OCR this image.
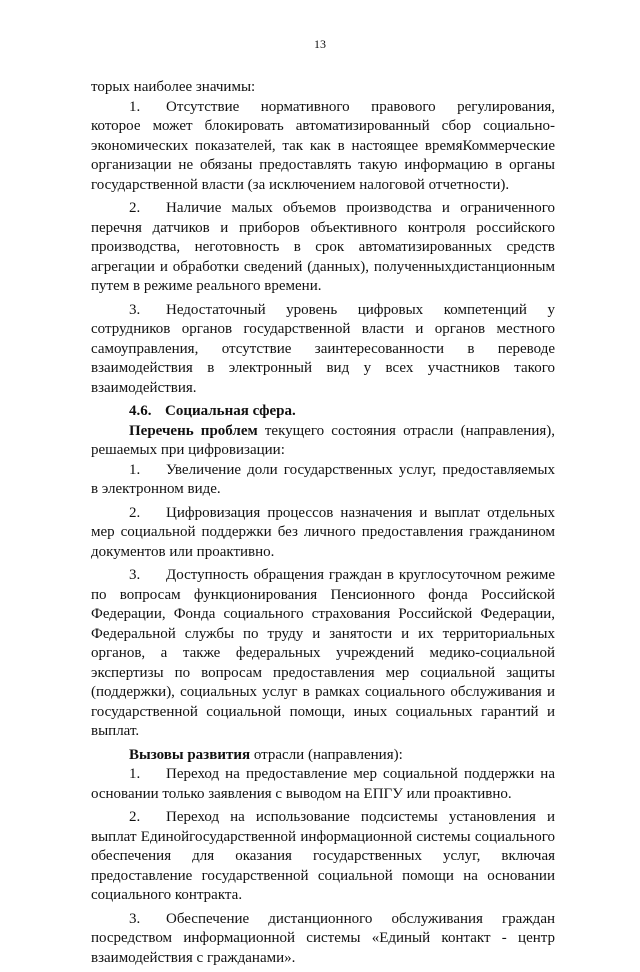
13

торых наиболее значимы:

1. Отсутствие нормативного правового регулирования, которое может блокировать автоматизированный сбор социально-экономических показателей, так как в настоящее времяКоммерческие организации не обязаны предоставлять такую информацию в органы государственной власти (за исключением налоговой отчетности).

2. Наличие малых объемов производства и ограниченного перечня датчиков и приборов объективного контроля российского производства, неготовность в срок автоматизированных средств агрегации и обработки сведений (данных), полученныхдистанционным путем в режиме реального времени.

3. Недостаточный уровень цифровых компетенций у сотрудников органов государственной власти и органов местного самоуправления, отсутствие заинтересованности в переводе взаимодействия в электронный вид у всех участников такого взаимодействия.

4.6. Социальная сфера.

Перечень проблем текущего состояния отрасли (направления), решаемых при цифровизации:

1. Увеличение доли государственных услуг, предоставляемых в электронном виде.

2. Цифровизация процессов назначения и выплат отдельных мер социальной поддержки без личного предоставления гражданином документов или проактивно.

3. Доступность обращения граждан в круглосуточном режиме по вопросам функционирования Пенсионного фонда Российской Федерации, Фонда социального страхования Российской Федерации, Федеральной службы по труду и занятости и их территориальных органов, а также федеральных учреждений медико-социальной экспертизы по вопросам предоставления мер социальной защиты (поддержки), социальных услуг в рамках социального обслуживания и государственной социальной помощи, иных социальных гарантий и выплат.

Вызовы развития отрасли (направления):

1. Переход на предоставление мер социальной поддержки на основании только заявления с выводом на ЕПГУ или проактивно.

2. Переход на использование подсистемы установления и выплат Единойгосударственной информационной системы социального обеспечения для оказания государственных услуг, включая предоставление государственной социальной помощи на основании социального контракта.

3. Обеспечение дистанционного обслуживания граждан посредством информационной системы «Единый контакт - центр взаимодействия с гражданами».
